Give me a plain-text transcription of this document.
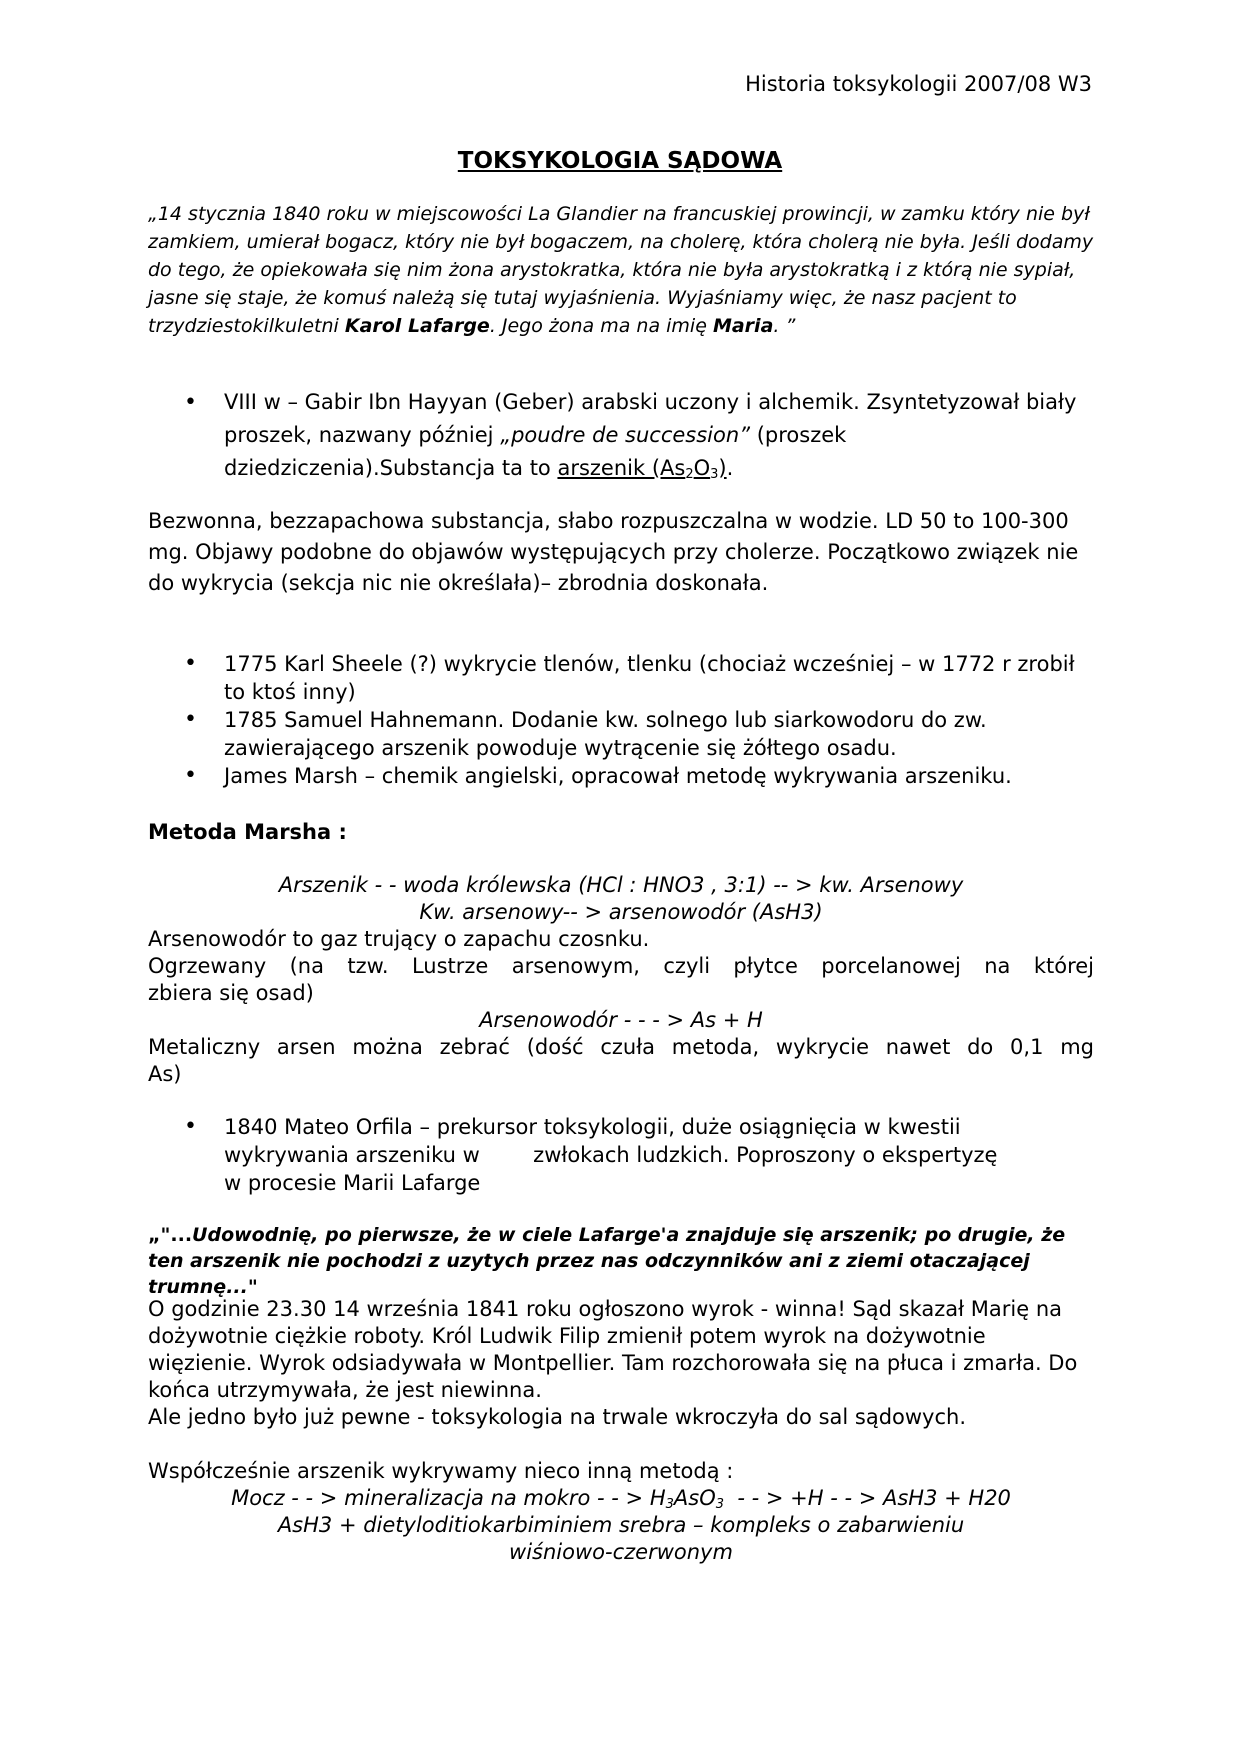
Historia toksykologii 2007/08 W3
TOKSYKOLOGIA SĄDOWA
„14 stycznia 1840 roku w miejscowości La Glandier na francuskiej prowincji, w zamku który nie był zamkiem, umierał bogacz, który nie był bogaczem, na cholerę, która cholerą nie była. Jeśli dodamy do tego, że opiekowała się nim żona arystokratka, która nie była arystokratką i z którą nie sypiał, jasne się staje, że komuś należą się tutaj wyjaśnienia. Wyjaśniamy więc, że nasz pacjent to trzydziestokilkuletni Karol Lafarge. Jego żona ma na imię Maria. ”
• VIII w – Gabir Ibn Hayyan (Geber) arabski uczony i alchemik. Zsyntetyzował biały proszek, nazwany później „poudre de succession” (proszek dziedziczenia).Substancja ta to arszenik $(As_2O_3)$.
Bezwonna, bezzapachowa substancja, słabo rozpuszczalna w wodzie. LD 50 to 100-300 mg. Objawy podobne do objawów występujących przy cholerze. Początkowo związek nie do wykrycia (sekcja nic nie określała)– zbrodnia doskonała.
• 1775 Karl Sheele (?) wykrycie tlenów, tlenku (chociaż wcześniej – w 1772 r zrobił to ktoś inny)
• 1785 Samuel Hahnemann. Dodanie kw. solnego lub siarkowodoru do zw. zawierającego arszenik powoduje wytrącenie się żółtego osadu.
• James Marsh – chemik angielski, opracował metodę wykrywania arszeniku.
Metoda Marsha :
Arszenik - - woda królewska (HCl : HNO3 , 3:1) -- > kw. Arsenowy
Kw. arsenowy-- > arsenowodór (AsH3)
Arsenowodór to gaz trujący o zapachu czosnku.
Ogrzewany (na tzw. Lustrze arsenowym, czyli płytce porcelanowej na której
zbiera się osad)
Arsenowodór - - - > As + H
Metaliczny arsen można zebrać (dość czuła metoda, wykrycie nawet do 0,1 mg
As)
• 1840 Mateo Orfila – prekursor toksykologii, duże osiągnięcia w kwestii
wykrywania arszeniku w        zwłokach ludzkich. Poproszony o ekspertyzę
w procesie Marii Lafarge
„"...Udowodnię, po pierwsze, że w ciele Lafarge'a znajduje się arszenik; po drugie, że ten arszenik nie pochodzi z uzytych przez nas odczynników ani z ziemi otaczającej trumnę..."
O godzinie 23.30 14 września 1841 roku ogłoszono wyrok - winna! Sąd skazał Marię na dożywotnie ciężkie roboty. Król Ludwik Filip zmienił potem wyrok na dożywotnie więzienie. Wyrok odsiadywała w Montpellier. Tam rozchorowała się na płuca i zmarła. Do końca utrzymywała, że jest niewinna.
Ale jedno było już pewne - toksykologia na trwale wkroczyła do sal sądowych.
Współcześnie arszenik wykrywamy nieco inną metodą :
Mocz - - > mineralizacja na mokro - - > $H_3AsO_3$  - - > +H - - > AsH3 + H20
AsH3 + dietyloditiokarbiminiem srebra – kompleks o zabarwieniu
wiśniowo-czerwonym
